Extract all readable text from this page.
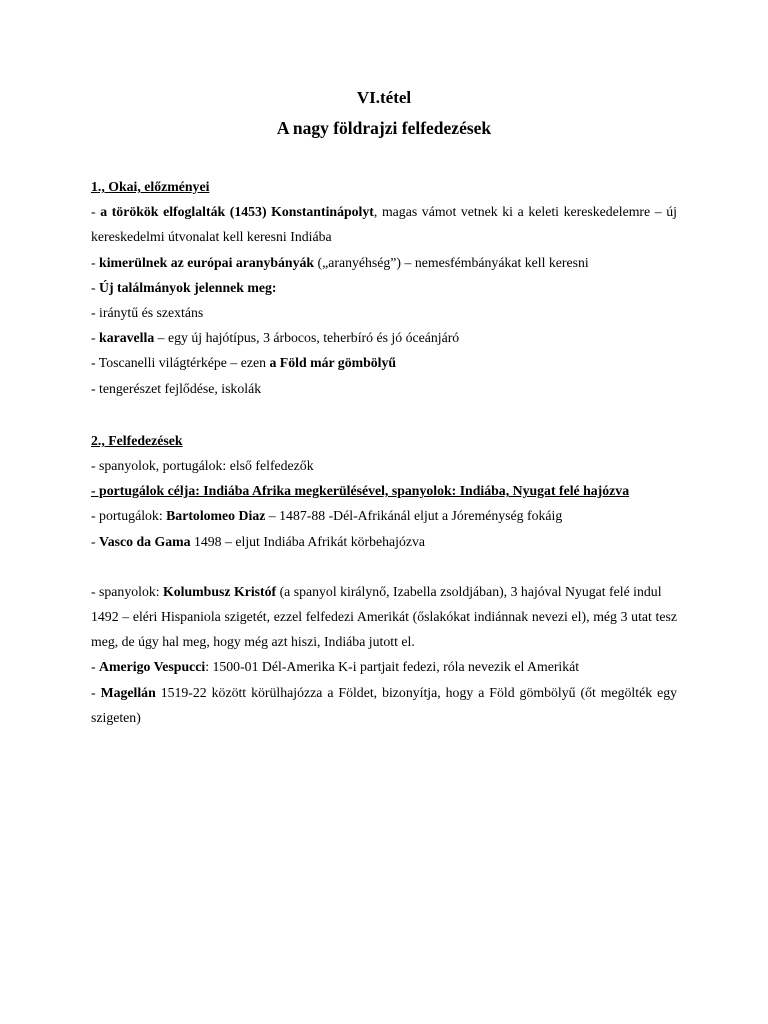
VI.tétel
A nagy földrajzi felfedezések

1., Okai, előzményei

- a törökök elfoglalták (1453) Konstantinápolyt, magas vámot vetnek ki a keleti kereskedelemre – új kereskedelmi útvonalat kell keresni Indiába

- kimerülnek az európai aranybányák („aranyéhség”) – nemesfémbányákat kell keresni

- Új találmányok jelennek meg:

- iránytű és szextáns

- karavella – egy új hajótípus, 3 árbocos, teherbíró és jó óceánjáró

- Toscanelli világtérképe – ezen a Föld már gömbölyű

- tengerészet fejlődése, iskolák

2., Felfedezések

- spanyolok, portugálok: első felfedezők

- portugálok célja: Indiába Afrika megkerülésével, spanyolok: Indiába, Nyugat felé hajózva

- portugálok: Bartolomeo Diaz – 1487-88 -Dél-Afrikánál eljut a Jóreménység fokáig

- Vasco da Gama 1498 – eljut Indiába Afrikát körbehajózva

- spanyolok: Kolumbusz Kristóf (a spanyol királynő, Izabella zsoldjában), 3 hajóval Nyugat felé indul

1492 – eléri Hispaniola szigetét, ezzel felfedezi Amerikát (őslakókat indiánnak nevezi el), még 3 utat tesz meg, de úgy hal meg, hogy még azt hiszi, Indiába jutott el.

- Amerigo Vespucci: 1500-01 Dél-Amerika K-i partjait fedezi, róla nevezik el Amerikát

- Magellán 1519-22 között körülhajózza a Földet, bizonyítja, hogy a Föld gömbölyű (őt megölték egy szigeten)
